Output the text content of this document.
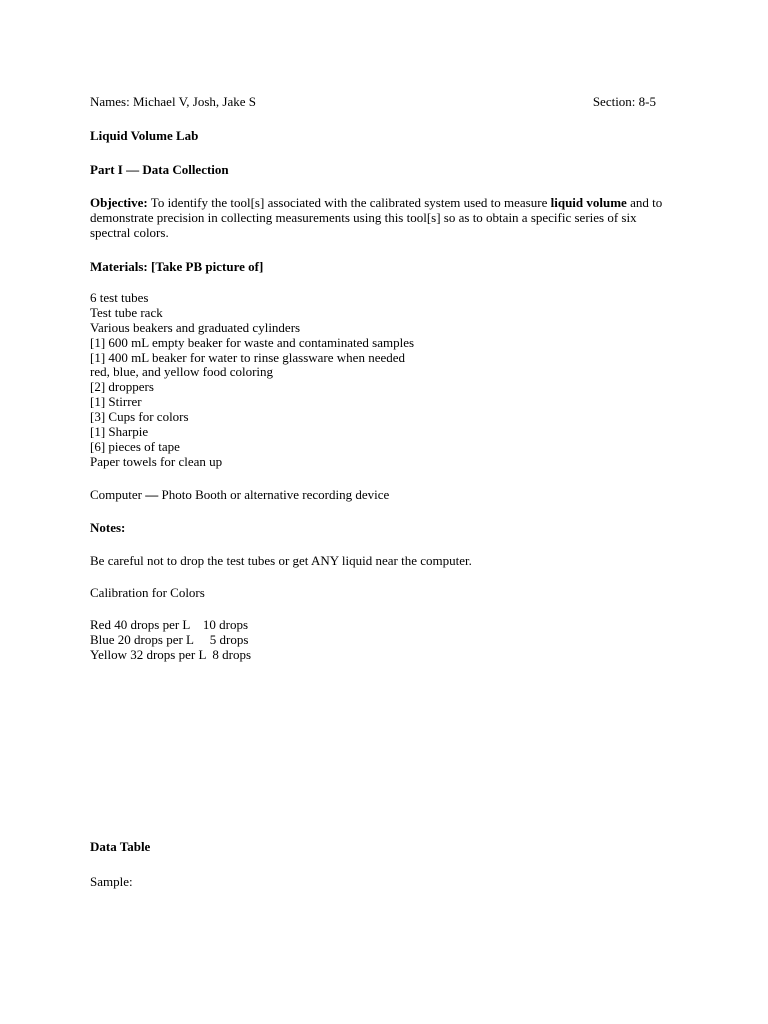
Names: Michael V, Josh, Jake S	Section: 8-5

Liquid Volume Lab

Part I — Data Collection

Objective: To identify the tool[s] associated with the calibrated system used to measure liquid volume and to demonstrate precision in collecting measurements using this tool[s] so as to obtain a specific series of six spectral colors.

Materials: [Take PB picture of]

6 test tubes
Test tube rack
Various beakers and graduated cylinders
[1] 600 mL empty beaker for waste and contaminated samples
[1] 400 mL beaker for water to rinse glassware when needed
red, blue, and yellow food coloring
[2] droppers
[1] Stirrer
[3] Cups for colors
[1] Sharpie
[6] pieces of tape
Paper towels for clean up

Computer — Photo Booth or alternative recording device

Notes:

Be careful not to drop the test tubes or get ANY liquid near the computer.

Calibration for Colors

Red 40 drops per L    10 drops
Blue 20 drops per L     5 drops
Yellow 32 drops per L  8 drops

Data Table

Sample:
